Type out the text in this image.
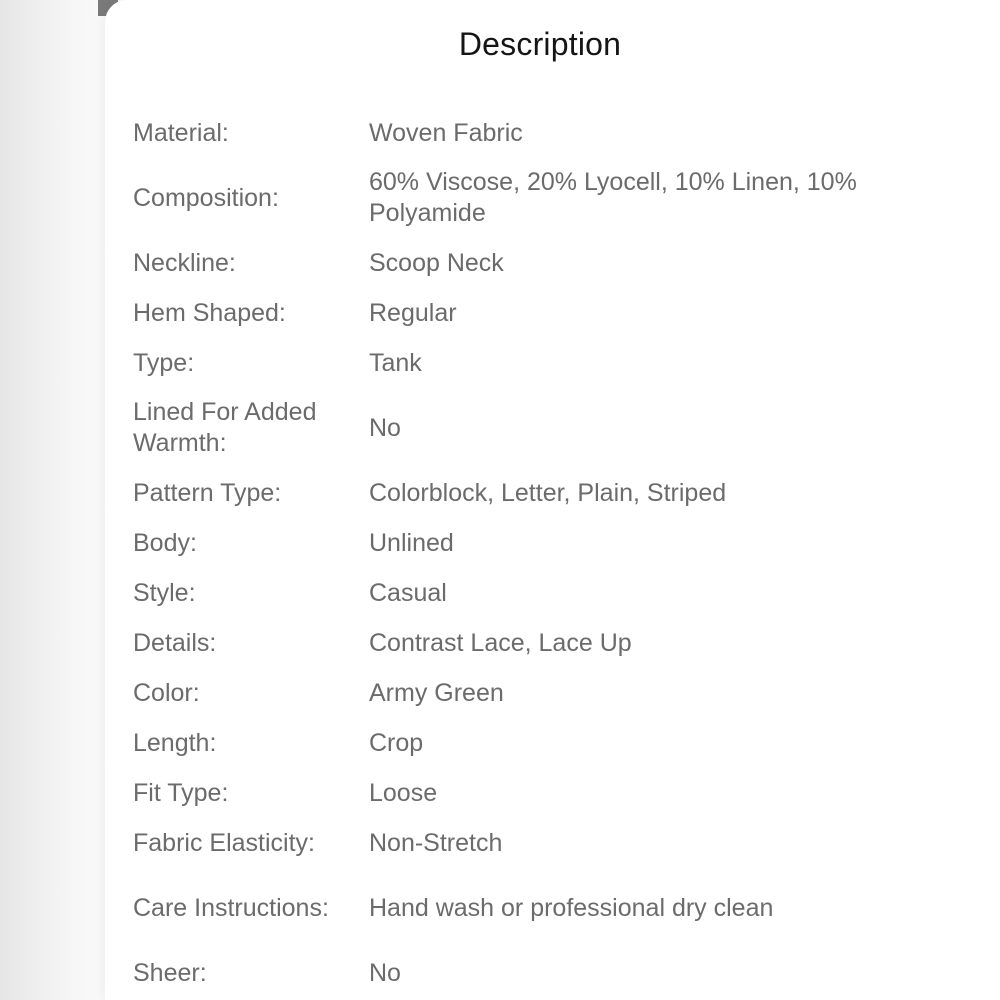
Description
Material:	Woven Fabric
Composition:
60% Viscose, 20% Lyocell, 10% Linen, 10% Polyamide
Neckline:	Scoop Neck
Hem Shaped:	Regular
Type:	Tank
Lined For Added Warmth:
No
Pattern Type:	Colorblock, Letter, Plain, Striped
Body:	Unlined
Style:	Casual
Details:	Contrast Lace, Lace Up
Color:	Army Green
Length:	Crop
Fit Type:	Loose
Fabric Elasticity:	Non-Stretch
Care Instructions:	Hand wash or professional dry clean
Sheer:	No
